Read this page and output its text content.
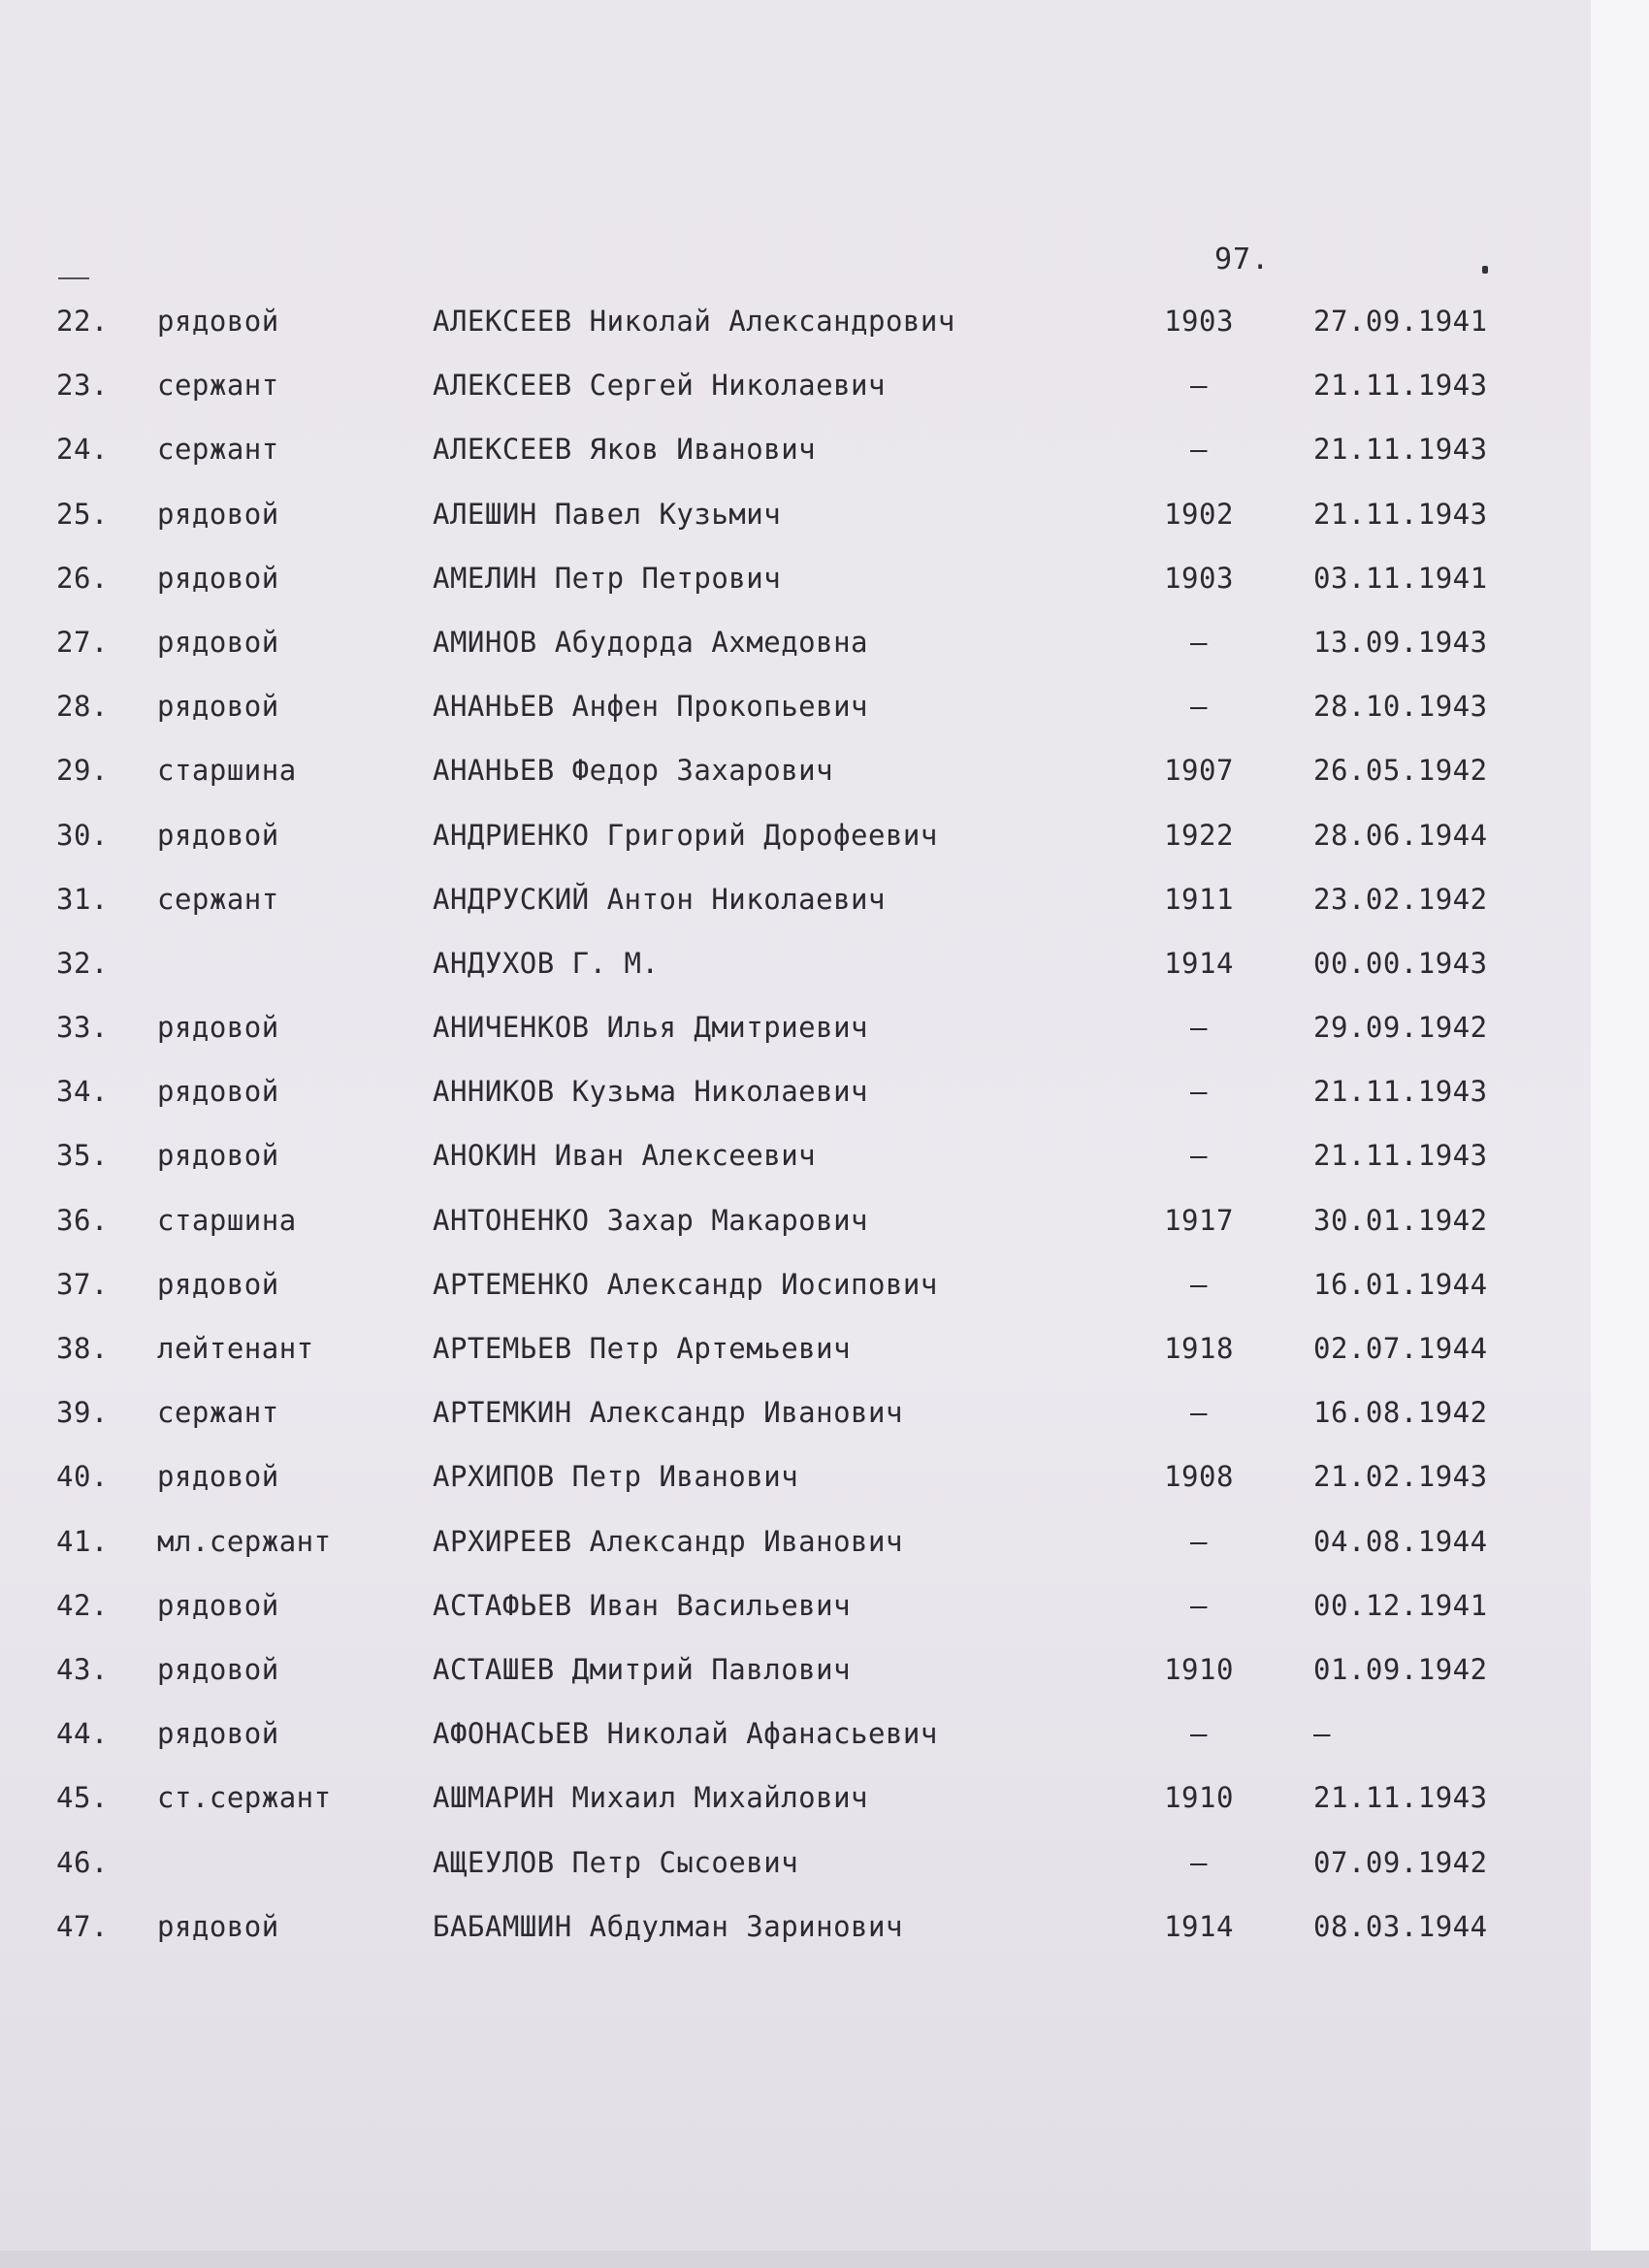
97.
22. рядовой	АЛЕКСЕЕВ Николай Александрович	1903	27.09.1941
23. сержант	АЛЕКСЕЕВ Сергей Николаевич	–	21.11.1943
24. сержант	АЛЕКСЕЕВ Яков Иванович	–	21.11.1943
25. рядовой	АЛЕШИН Павел Кузьмич	1902	21.11.1943
26. рядовой	АМЕЛИН Петр Петрович	1903	03.11.1941
27. рядовой	АМИНОВ Абудорда Ахмедовна	–	13.09.1943
28. рядовой	АНАНЬЕВ Анфен Прокопьевич	–	28.10.1943
29. старшина	АНАНЬЕВ Федор Захарович	1907	26.05.1942
30. рядовой	АНДРИЕНКО Григорий Дорофеевич	1922	28.06.1944
31. сержант	АНДРУСКИЙ Антон Николаевич	1911	23.02.1942
32.	АНДУХОВ Г. М.	1914	00.00.1943
33. рядовой	АНИЧЕНКОВ Илья Дмитриевич	–	29.09.1942
34. рядовой	АННИКОВ Кузьма Николаевич	–	21.11.1943
35. рядовой	АНОКИН Иван Алексеевич	–	21.11.1943
36. старшина	АНТОНЕНКО Захар Макарович	1917	30.01.1942
37. рядовой	АРТЕМЕНКО Александр Иосипович	–	16.01.1944
38. лейтенант	АРТЕМЬЕВ Петр Артемьевич	1918	02.07.1944
39. сержант	АРТЕМКИН Александр Иванович	–	16.08.1942
40. рядовой	АРХИПОВ Петр Иванович	1908	21.02.1943
41. мл.сержант	АРХИРЕЕВ Александр Иванович	–	04.08.1944
42. рядовой	АСТАФЬЕВ Иван Васильевич	–	00.12.1941
43. рядовой	АСТАШЕВ Дмитрий Павлович	1910	01.09.1942
44. рядовой	АФОНАСЬЕВ Николай Афанасьевич	–	–
45. ст.сержант	АШМАРИН Михаил Михайлович	1910	21.11.1943
46.	АЩЕУЛОВ Петр Сысоевич	–	07.09.1942
47. рядовой	БАБАМШИН Абдулман Заринович	1914	08.03.1944
